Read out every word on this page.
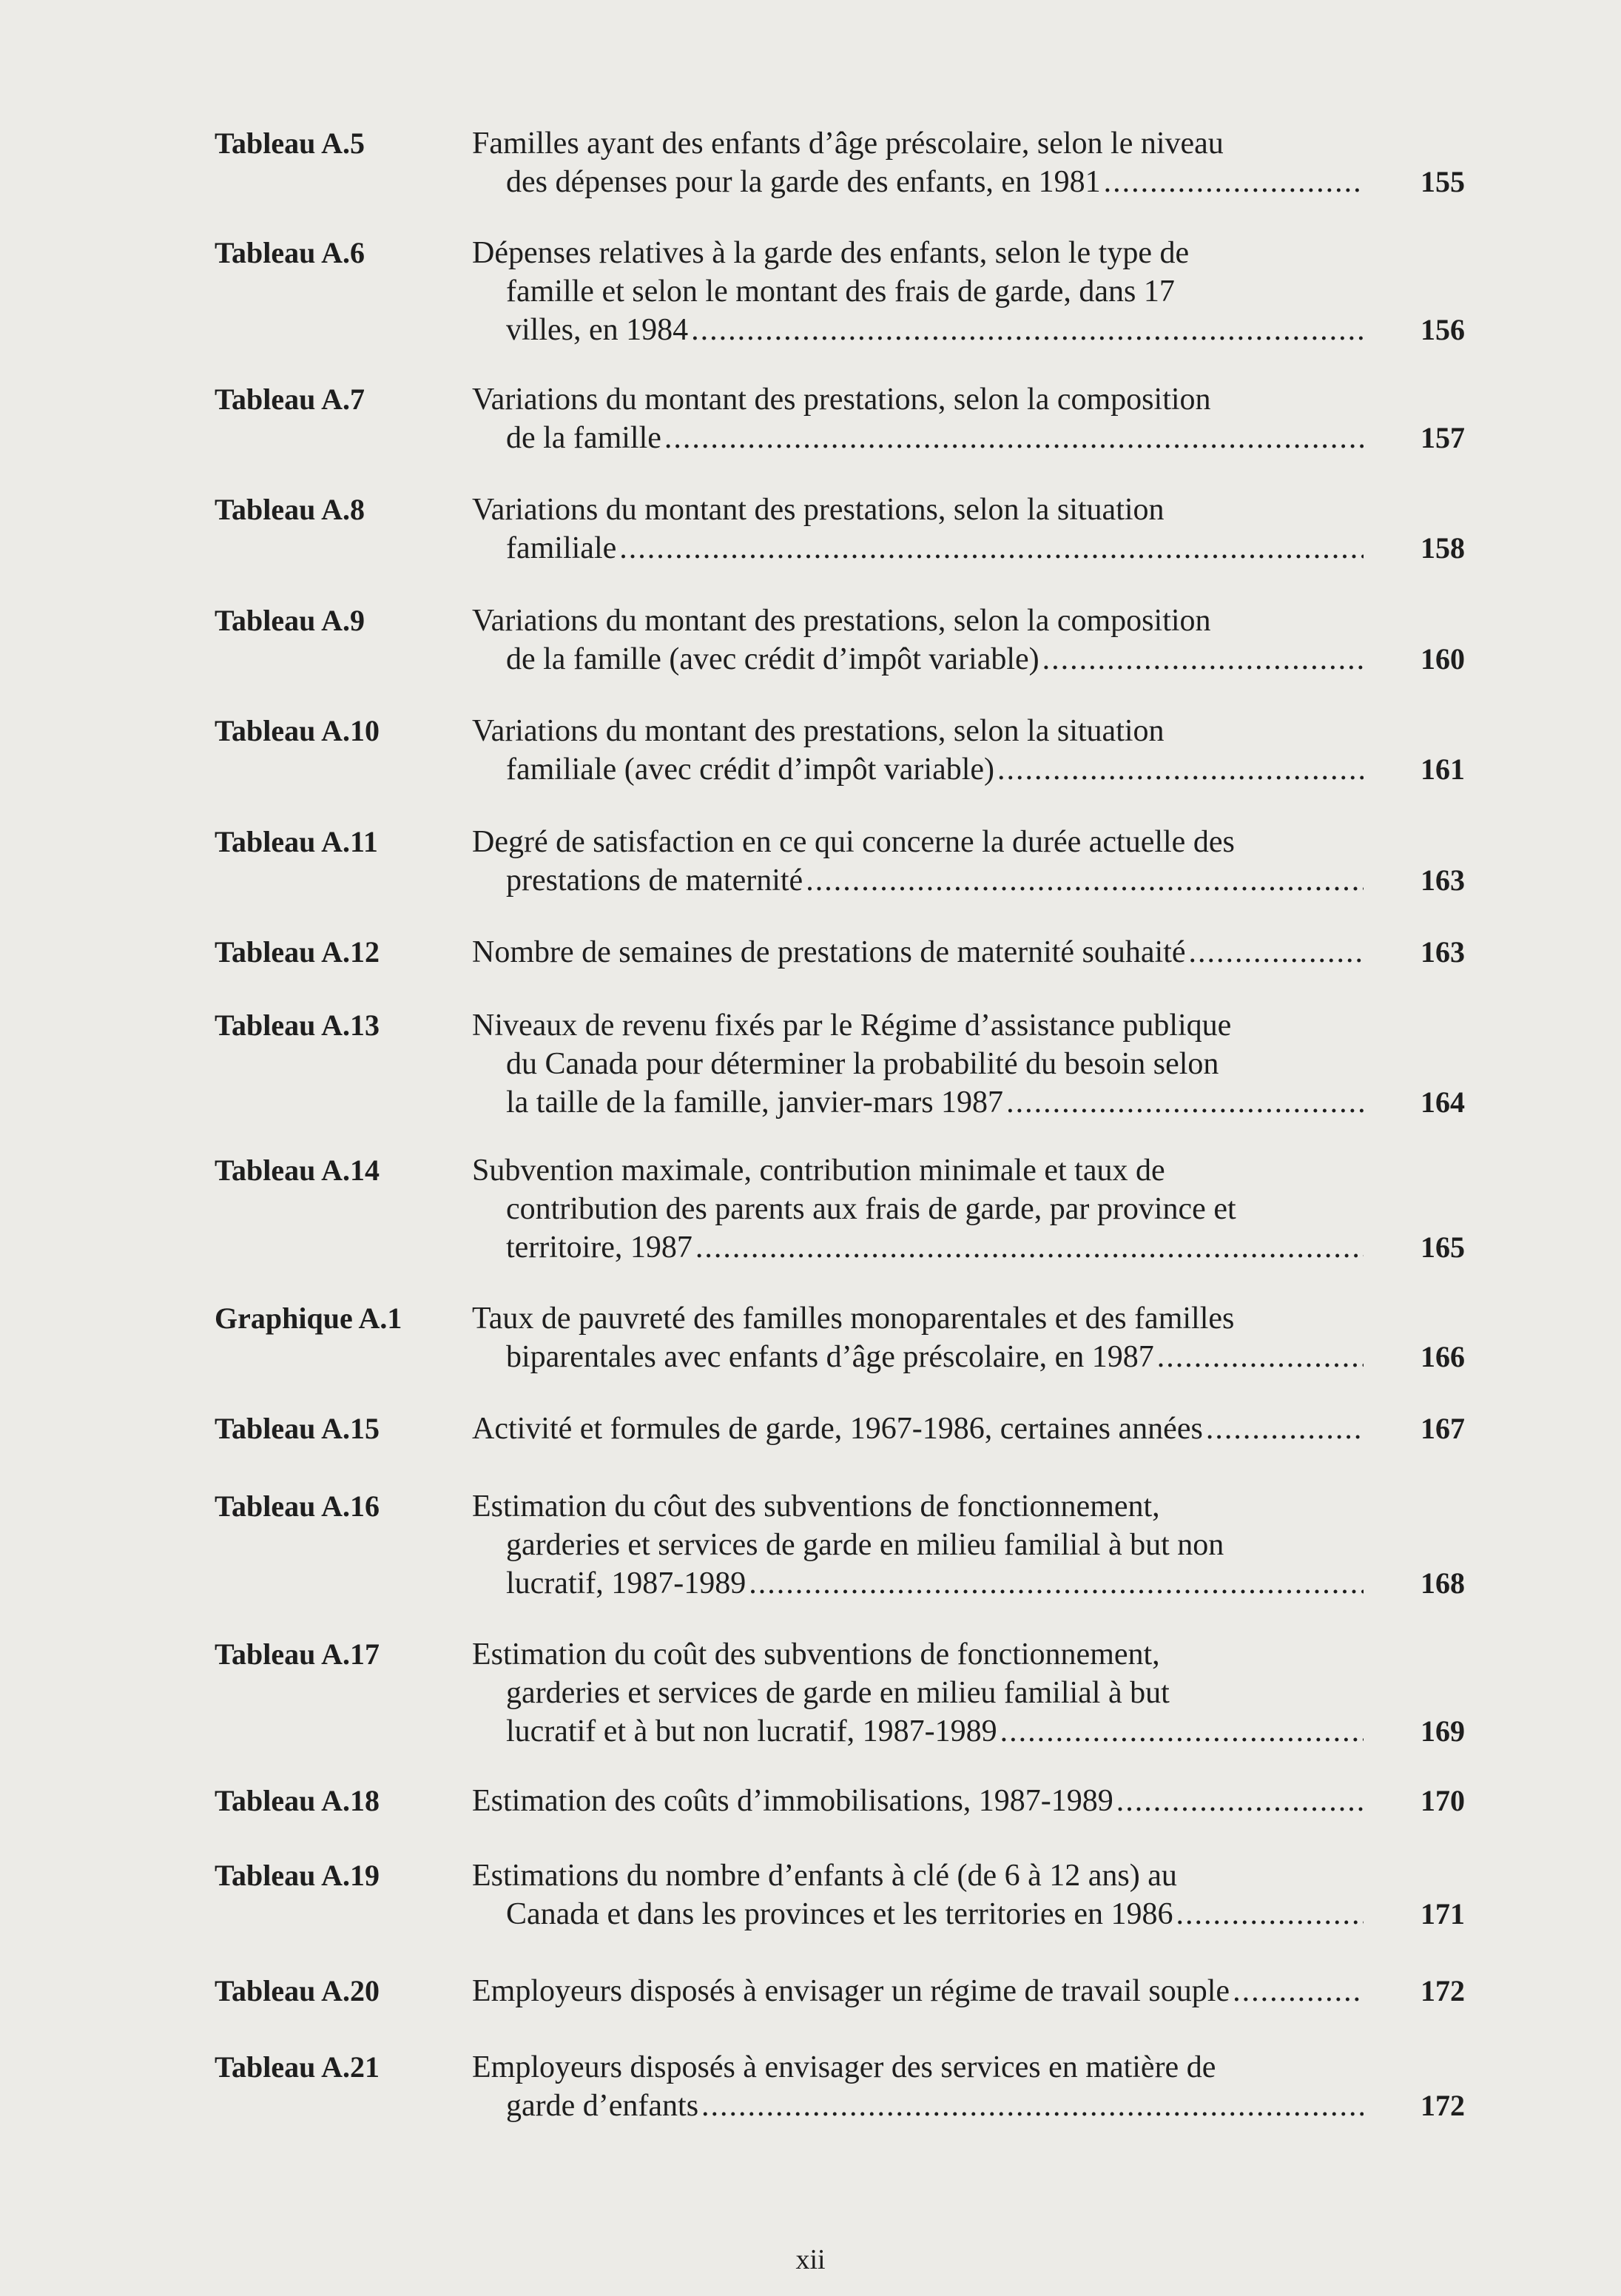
Tableau A.5	Familles ayant des enfants d’âge préscolaire, selon le niveau
des dépenses pour la garde des enfants, en 1981 .....	155
Tableau A.6	Dépenses relatives à la garde des enfants, selon le type de
famille et selon le montant des frais de garde, dans 17
villes, en 1984 .....	156
Tableau A.7	Variations du montant des prestations, selon la composition
de la famille .....	157
Tableau A.8	Variations du montant des prestations, selon la situation
familiale .....	158
Tableau A.9	Variations du montant des prestations, selon la composition
de la famille (avec crédit d’impôt variable) .....	160
Tableau A.10	Variations du montant des prestations, selon la situation
familiale (avec crédit d’impôt variable) .....	161
Tableau A.11	Degré de satisfaction en ce qui concerne la durée actuelle des
prestations de maternité .....	163
Tableau A.12	Nombre de semaines de prestations de maternité souhaité .....	163
Tableau A.13	Niveaux de revenu fixés par le Régime d’assistance publique
du Canada pour déterminer la probabilité du besoin selon
la taille de la famille, janvier-mars 1987 .....	164
Tableau A.14	Subvention maximale, contribution minimale et taux de
contribution des parents aux frais de garde, par province et
territoire, 1987 .....	165
Graphique A.1 Taux de pauvreté des familles monoparentales et des familles
biparentales avec enfants d’âge préscolaire, en 1987 .....	166
Tableau A.15	Activité et formules de garde, 1967-1986, certaines années .....	167
Tableau A.16	Estimation du côut des subventions de fonctionnement,
garderies et services de garde en milieu familial à but non
lucratif, 1987-1989 .....	168
Tableau A.17	Estimation du coût des subventions de fonctionnement,
garderies et services de garde en milieu familial à but
lucratif et à but non lucratif, 1987-1989 .....	169
Tableau A.18	Estimation des coûts d’immobilisations, 1987-1989 .....	170
Tableau A.19	Estimations du nombre d’enfants à clé (de 6 à 12 ans) au
Canada et dans les provinces et les territories en 1986 .....	171
Tableau A.20	Employeurs disposés à envisager un régime de travail souple .....	172
Tableau A.21	Employeurs disposés à envisager des services en matière de
garde d’enfants .....	172
xii
